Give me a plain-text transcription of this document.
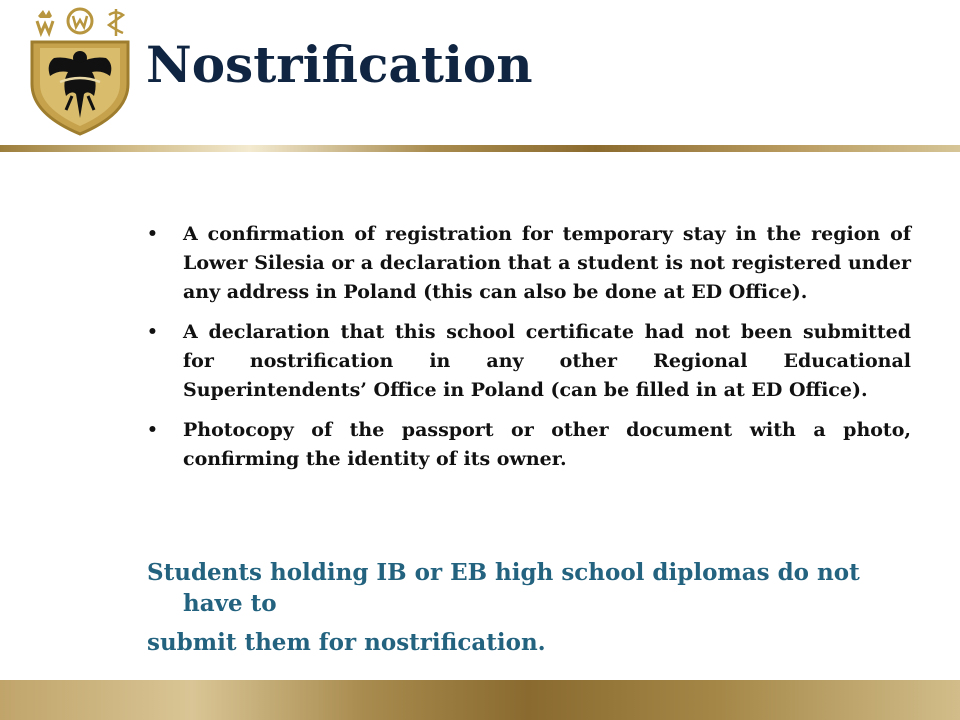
Nostrification
• A confirmation of registration for temporary stay in the region of Lower Silesia or a declaration that a student is not registered under any address in Poland (this can also be done at ED Office).
• A declaration that this school certificate had not been submitted for nostrification in any other Regional Educational Superintendents’ Office in Poland (can be filled in at ED Office).
• Photocopy of the passport or other document with a photo, confirming the identity of its owner.

Students holding IB or EB high school diplomas do not have to

submit them for nostrification.
